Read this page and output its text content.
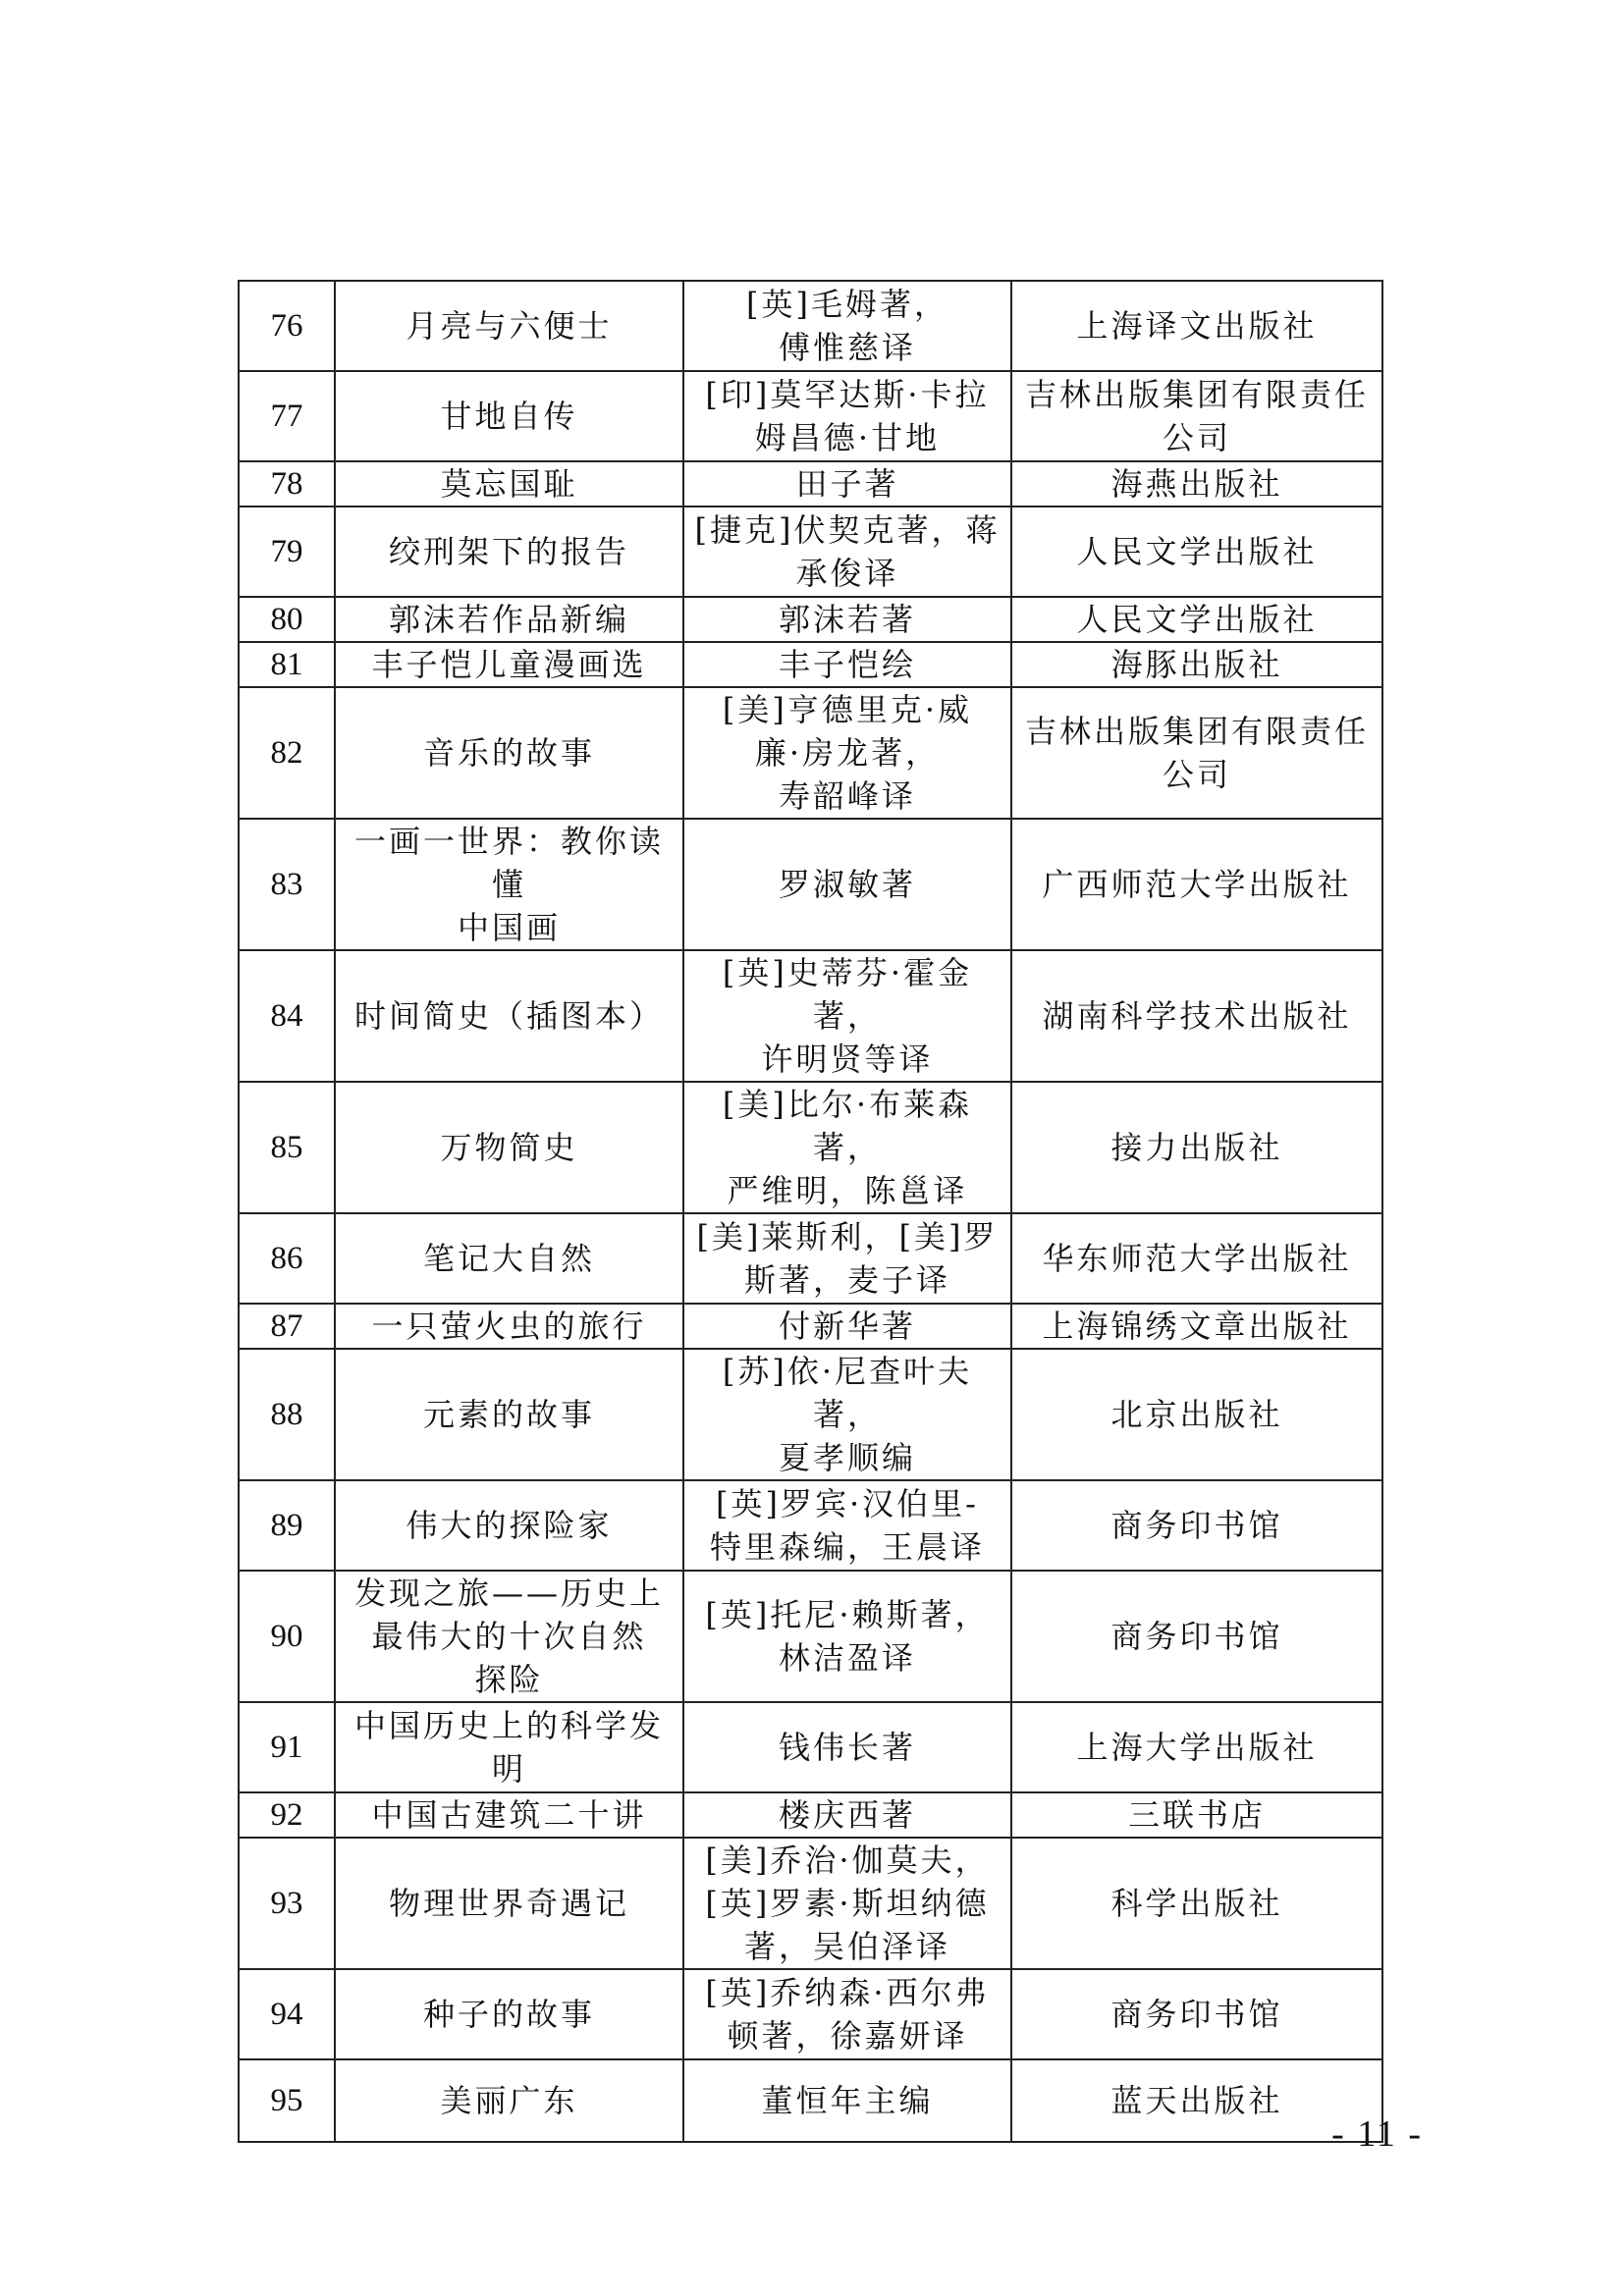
76	月亮与六便士	[英]毛姆著，
傅惟慈译	上海译文出版社

77	甘地自传	[印]莫罕达斯·卡拉
姆昌德·甘地	吉林出版集团有限责任
公司

78	莫忘国耻	田子著	海燕出版社

79	绞刑架下的报告	[捷克]伏契克著，蒋
承俊译	人民文学出版社

80	郭沫若作品新编	郭沫若著	人民文学出版社

81	丰子恺儿童漫画选	丰子恺绘	海豚出版社

82	音乐的故事	[美]亨德里克·威
廉·房龙著，
寿韶峰译	吉林出版集团有限责任
公司

83	一画一世界：教你读懂
中国画	罗淑敏著	广西师范大学出版社

84	时间简史（插图本）	[英]史蒂芬·霍金著，
许明贤等译	湖南科学技术出版社

85	万物简史	[美]比尔·布莱森著，
严维明，陈邕译	接力出版社

86	笔记大自然	[美]莱斯利，[美]罗
斯著，麦子译	华东师范大学出版社

87	一只萤火虫的旅行	付新华著	上海锦绣文章出版社

88	元素的故事	[苏]依·尼查叶夫著，
夏孝顺编	北京出版社

89	伟大的探险家	[英]罗宾·汉伯里-
特里森编，王晨译	商务印书馆

90	发现之旅——历史上
最伟大的十次自然
探险	[英]托尼·赖斯著，
林洁盈译	商务印书馆

91	中国历史上的科学发
明	钱伟长著	上海大学出版社

92	中国古建筑二十讲	楼庆西著	三联书店

93	物理世界奇遇记	[美]乔治·伽莫夫，
[英]罗素·斯坦纳德
著，吴伯泽译	科学出版社

94	种子的故事	[英]乔纳森·西尔弗
顿著，徐嘉妍译	商务印书馆

95	美丽广东	董恒年主编	蓝天出版社
- 11 -
